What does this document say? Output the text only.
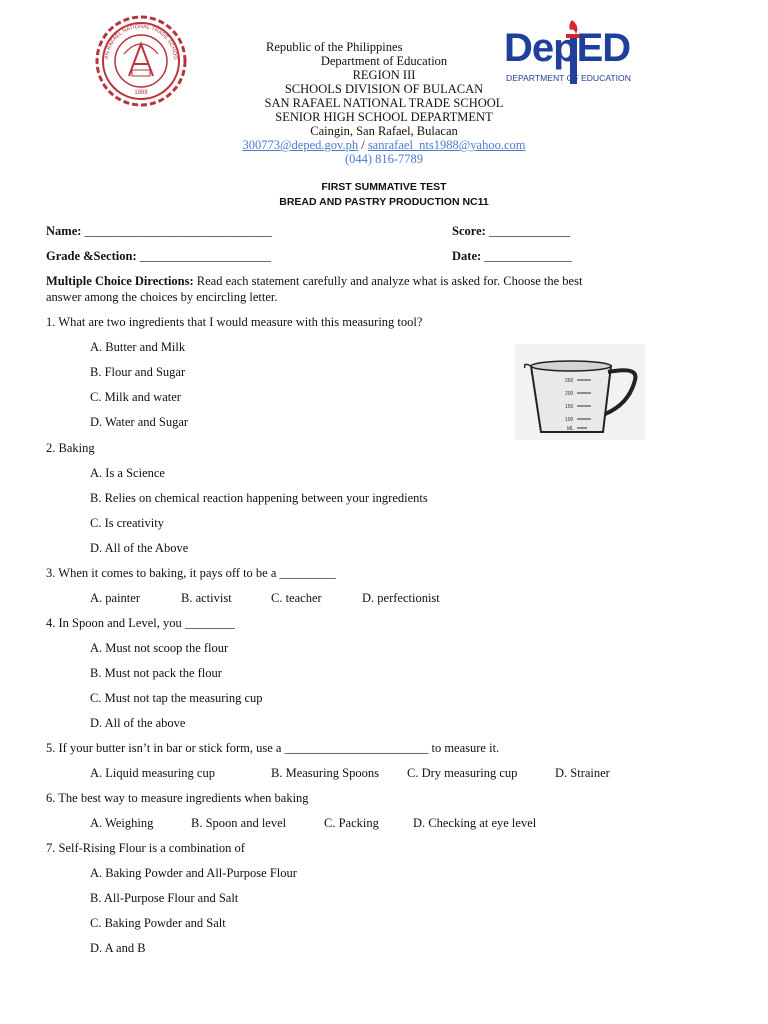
1988
AN RAFAEL NATIONAL TRADE SCHOO
Republic of the Philippines
Department of Education
REGION III
SCHOOLS DIVISION OF BULACAN
SAN RAFAEL NATIONAL TRADE SCHOOL
SENIOR HIGH SCHOOL DEPARTMENT
Caingin, San Rafael, Bulacan
300773@deped.gov.ph / sanrafael_nts1988@yahoo.com
(044) 816-7789
DepED
DEPARTMENT OF EDUCATION
FIRST SUMMATIVE TEST
BREAD AND PASTRY PRODUCTION NC11
Name: ______________________________	Score: _____________
Grade &Section: _____________________	Date: ______________
Multiple Choice Directions: Read each statement carefully and analyze what is asked for. Choose the best
answer among the choices by encircling letter.
1. What are two ingredients that I would measure with this measuring tool?
A. Butter and Milk
B. Flour and Sugar
C. Milk and water
D. Water and Sugar
250
200
150
100
ML
2. Baking
A. Is a Science
B. Relies on chemical reaction happening between your ingredients
C. Is creativity
D. All of the Above
3. When it comes to baking, it pays off to be a _________
A. painter	B. activist	C. teacher	D. perfectionist
4. In Spoon and Level, you ________
A. Must not scoop the flour
B. Must not pack the flour
C. Must not tap the measuring cup
D. All of the above
5. If your butter isn’t in bar or stick form, use a _______________________ to measure it.
A. Liquid measuring cup	B. Measuring Spoons C. Dry measuring cup	D. Strainer
6. The best way to measure ingredients when baking
A. Weighing	B. Spoon and level	C. Packing	D. Checking at eye level
7. Self-Rising Flour is a combination of
A. Baking Powder and All-Purpose Flour
B. All-Purpose Flour and Salt
C. Baking Powder and Salt
D. A and B
